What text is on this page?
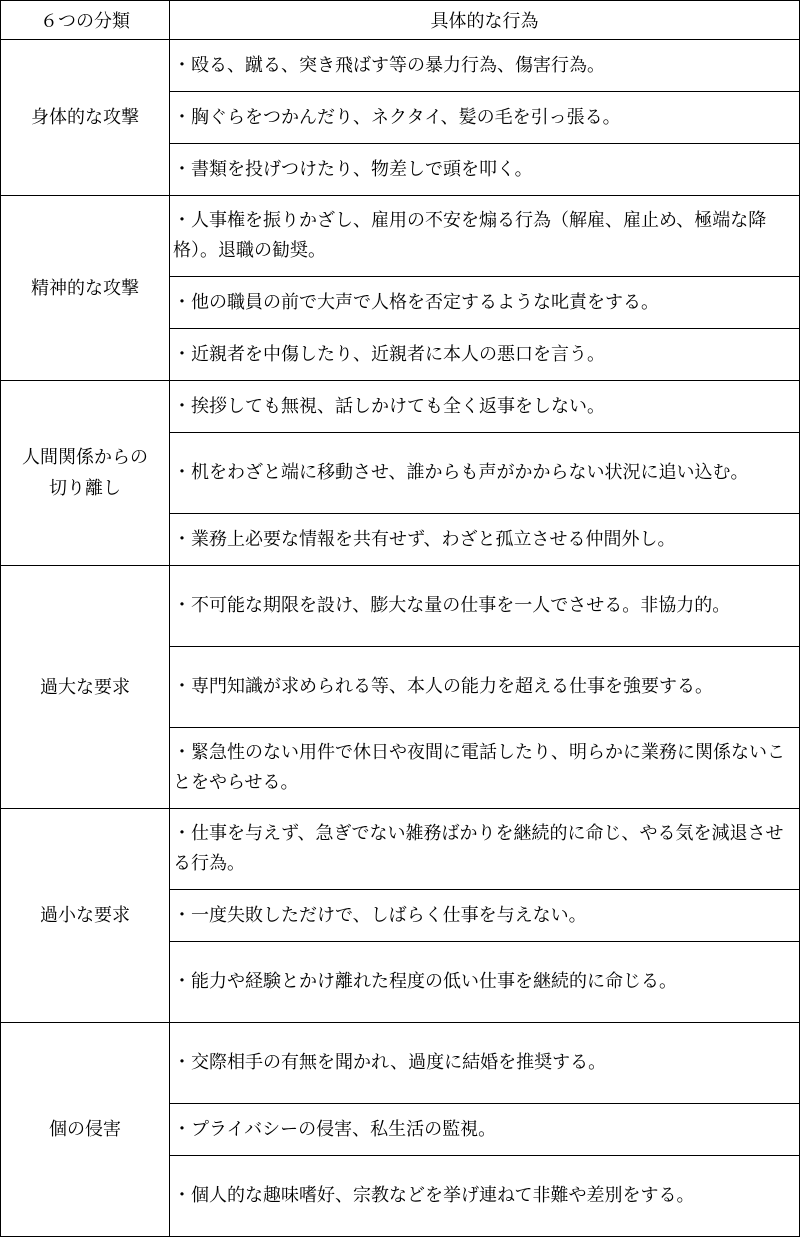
６つの分類	具体的な行為
身体的な攻撃	・殴る、蹴る、突き飛ばす等の暴力行為、傷害行為。
	・胸ぐらをつかんだり、ネクタイ、髪の毛を引っ張る。
	・書類を投げつけたり、物差しで頭を叩く。
精神的な攻撃	・人事権を振りかざし、雇用の不安を煽る行為（解雇、雇止め、極端な降格）。退職の勧奨。
	・他の職員の前で大声で人格を否定するような叱責をする。
	・近親者を中傷したり、近親者に本人の悪口を言う。
人間関係からの
切り離し	・挨拶しても無視、話しかけても全く返事をしない。
	・机をわざと端に移動させ、誰からも声がかからない状況に追い込む。
	・業務上必要な情報を共有せず、わざと孤立させる仲間外し。
過大な要求	・不可能な期限を設け、膨大な量の仕事を一人でさせる。非協力的。
	・専門知識が求められる等、本人の能力を超える仕事を強要する。
	・緊急性のない用件で休日や夜間に電話したり、明らかに業務に関係ないことをやらせる。
過小な要求	・仕事を与えず、急ぎでない雑務ばかりを継続的に命じ、やる気を減退させる行為。
	・一度失敗しただけで、しばらく仕事を与えない。
	・能力や経験とかけ離れた程度の低い仕事を継続的に命じる。
個の侵害	・交際相手の有無を聞かれ、過度に結婚を推奨する。
	・プライバシーの侵害、私生活の監視。
	・個人的な趣味嗜好、宗教などを挙げ連ねて非難や差別をする。
